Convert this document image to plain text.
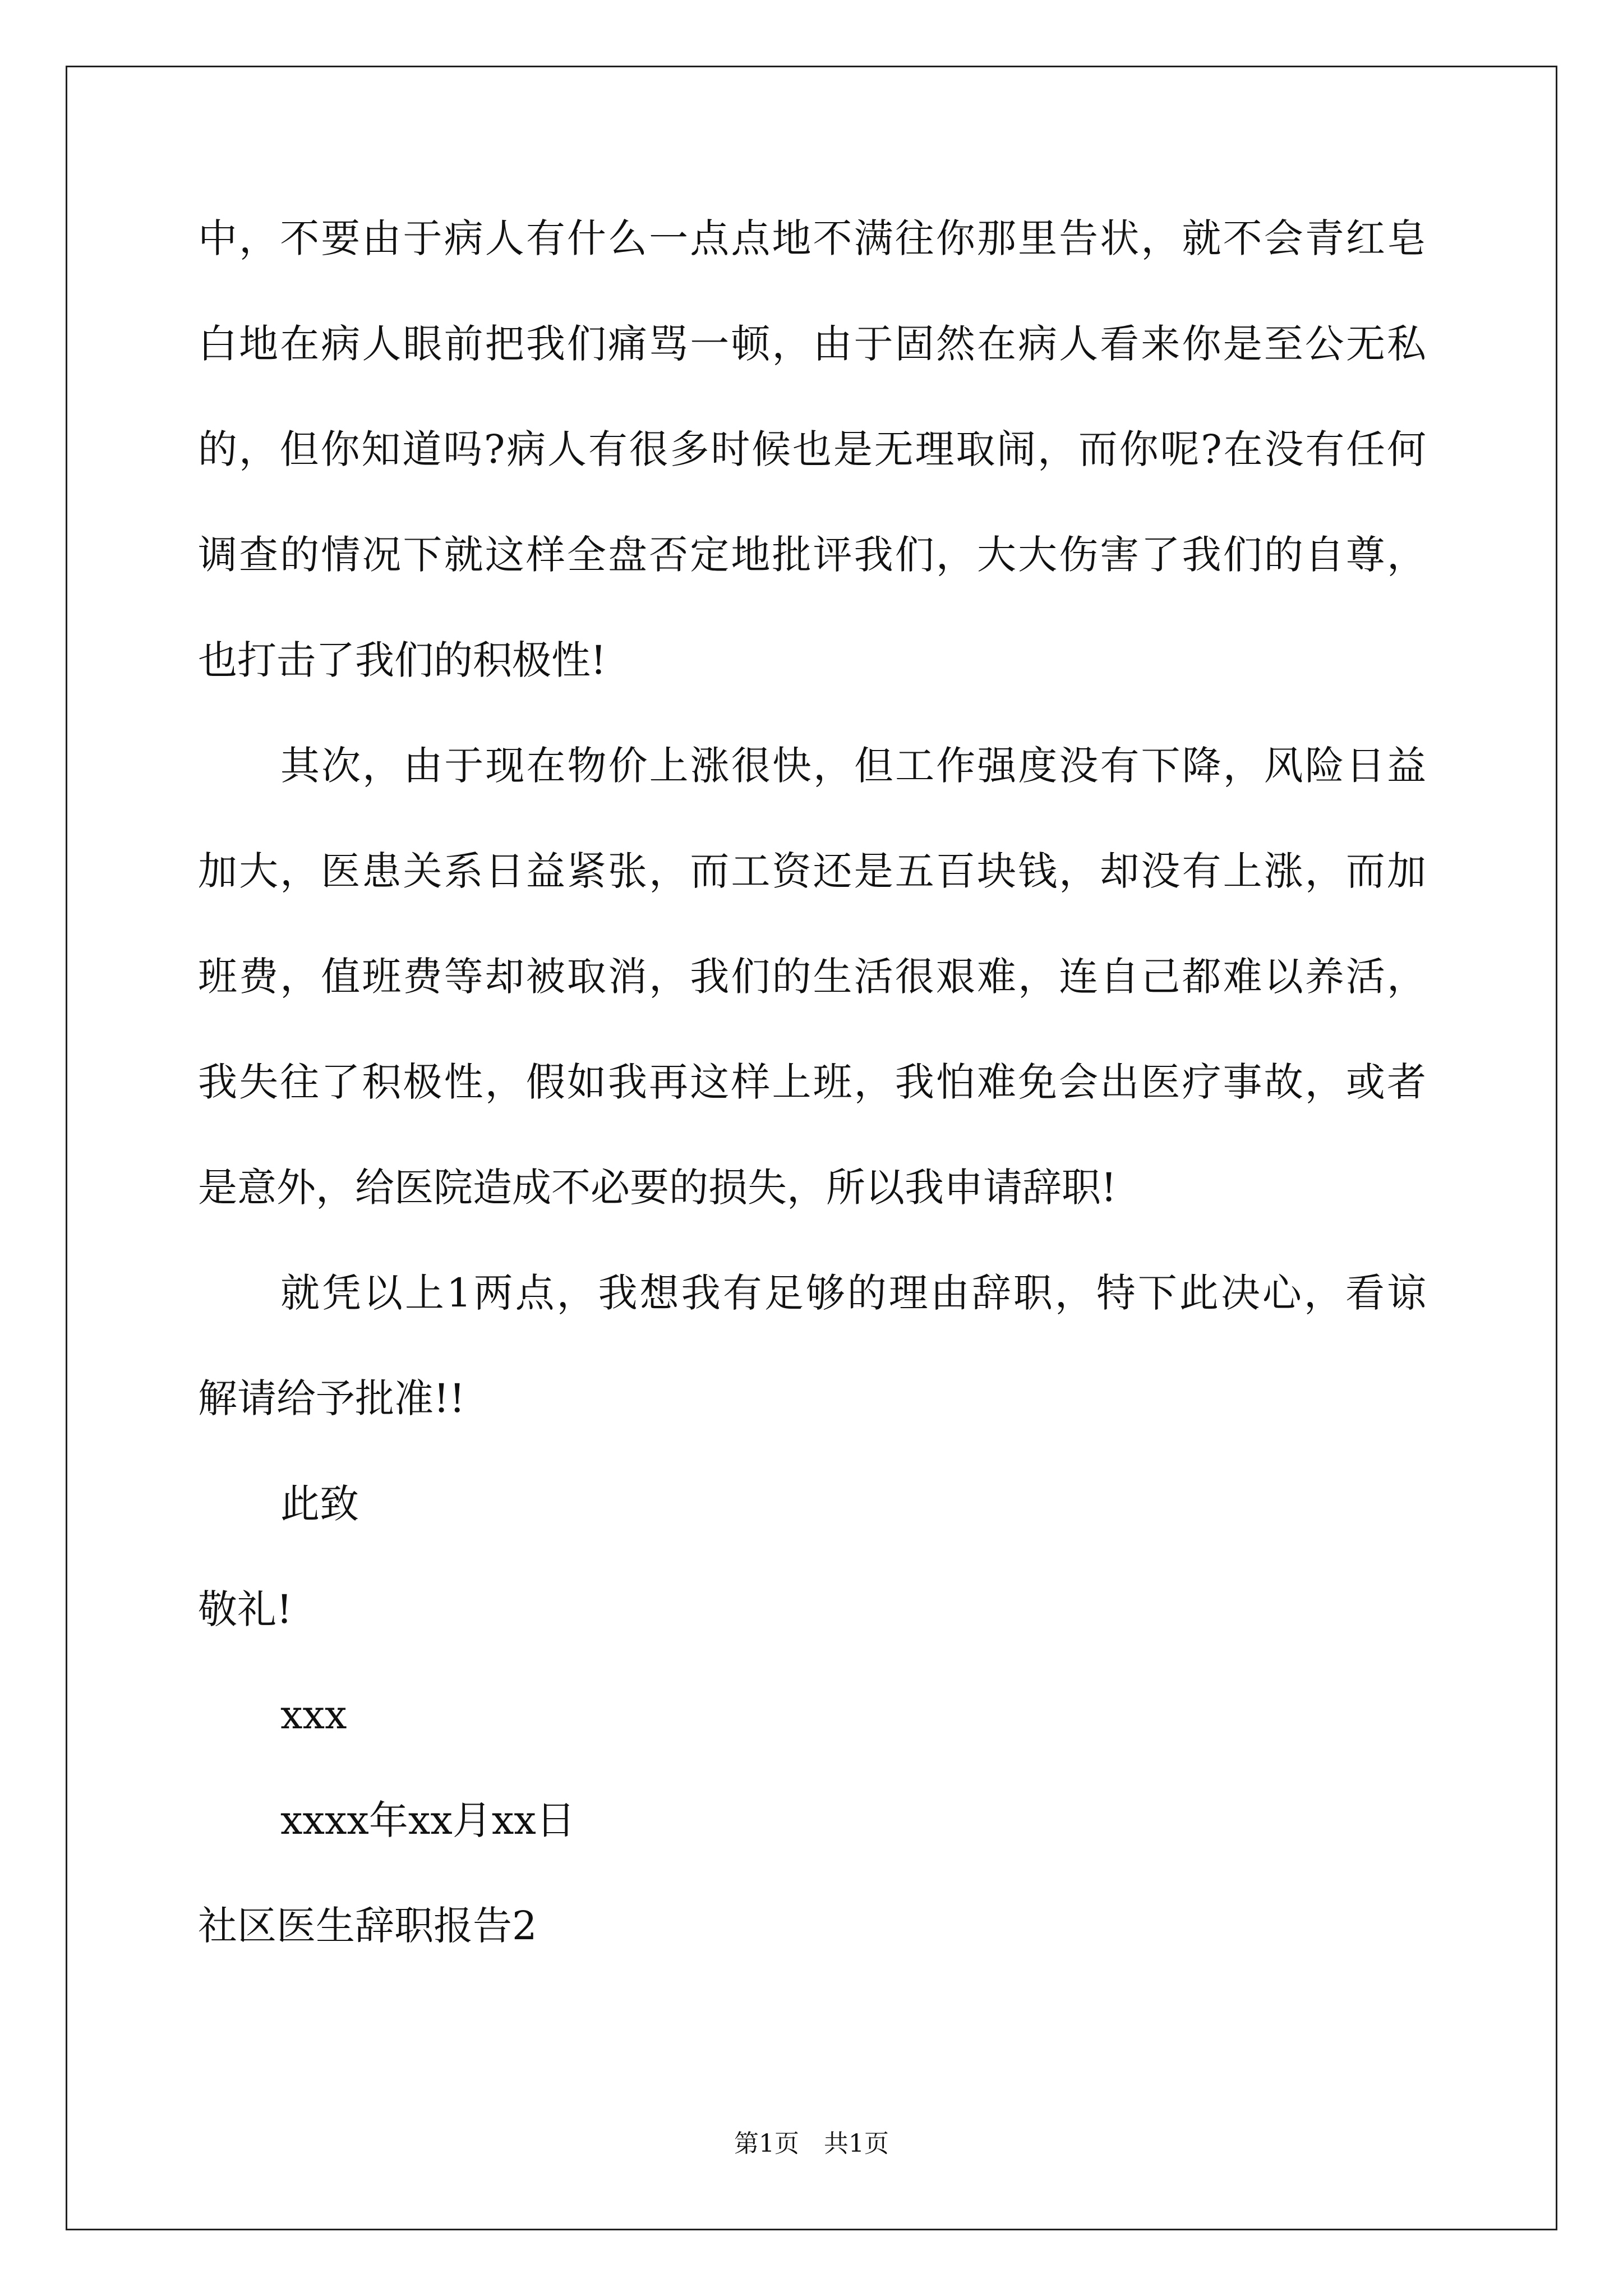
中，不要由于病人有什么一点点地不满往你那里告状，就不会青红皂
白地在病人眼前把我们痛骂一顿，由于固然在病人看来你是至公无私
的，但你知道吗?病人有很多时候也是无理取闹，而你呢?在没有任何
调查的情况下就这样全盘否定地批评我们，大大伤害了我们的自尊，
也打击了我们的积极性!
其次，由于现在物价上涨很快，但工作强度没有下降，风险日益
加大，医患关系日益紧张，而工资还是五百块钱，却没有上涨，而加
班费，值班费等却被取消，我们的生活很艰难，连自己都难以养活，
我失往了积极性，假如我再这样上班，我怕难免会出医疗事故，或者
是意外，给医院造成不必要的损失，所以我申请辞职!
就凭以上1两点，我想我有足够的理由辞职，特下此决心，看谅
解请给予批准!!
此致
敬礼!
xxx
xxxx年xx月xx日
社区医生辞职报告2
第1页　共1页
